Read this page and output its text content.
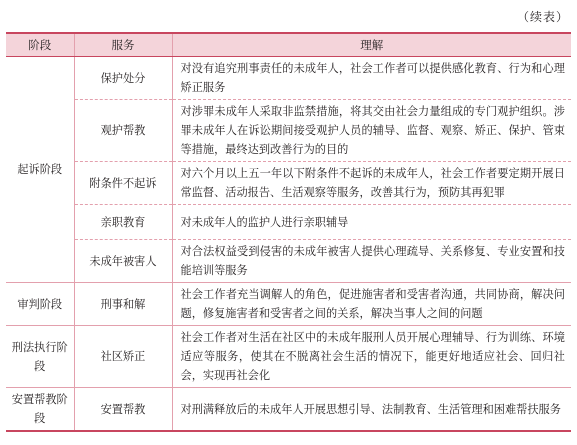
（续表）
阶段	服务	理解
起诉阶段	保护处分	对没有追究刑事责任的未成年人，社会工作者可以提供感化教育、行为和心理矫正服务
	观护帮教	对涉罪未成年人采取非监禁措施，将其交由社会力量组成的专门观护组织。涉罪未成年人在诉讼期间接受观护人员的辅导、监督、观察、矫正、保护、管束等措施，最终达到改善行为的目的
	附条件不起诉	对六个月以上五一年以下附条件不起诉的未成年人，社会工作者要定期开展日常监督、活动报告、生活观察等服务，改善其行为，预防其再犯罪
	亲职教育	对未成年人的监护人进行亲职辅导
	未成年被害人	对合法权益受到侵害的未成年被害人提供心理疏导、关系修复、专业安置和技能培训等服务
审判阶段	刑事和解	社会工作者充当调解人的角色，促进施害者和受害者沟通，共同协商，解决问题，修复施害者和受害者之间的关系，解决当事人之间的问题
刑法执行阶段	社区矫正	社会工作者对生活在社区中的未成年服刑人员开展心理辅导、行为训练、环境适应等服务，使其在不脱离社会生活的情况下，能更好地适应社会、回归社会，实现再社会化
安置帮教阶段	安置帮教	对刑满释放后的未成年人开展思想引导、法制教育、生活管理和困难帮扶服务
